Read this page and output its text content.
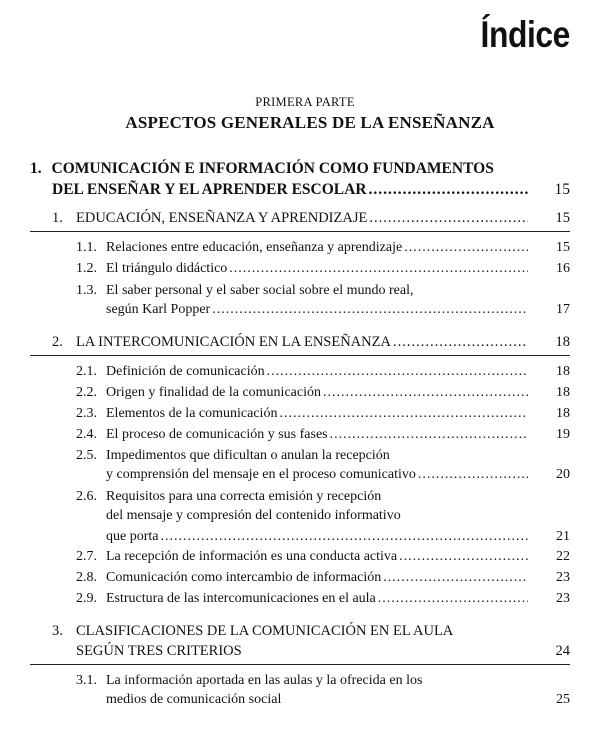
Índice
PRIMERA PARTE
ASPECTOS GENERALES DE LA ENSEÑANZA
1. COMUNICACIÓN E INFORMACIÓN COMO FUNDAMENTOS
DEL ENSEÑAR Y EL APRENDER ESCOLAR .....	15
1. EDUCACIÓN, ENSEÑANZA Y APRENDIZAJE .....	15
1.1. Relaciones entre educación, enseñanza y aprendizaje .....	15
1.2. El triángulo didáctico .....	16
1.3. El saber personal y el saber social sobre el mundo real,
según Karl Popper .....	17
2. LA INTERCOMUNICACIÓN EN LA ENSEÑANZA .....	18
2.1. Definición de comunicación .....	18
2.2. Origen y finalidad de la comunicación .....	18
2.3. Elementos de la comunicación .....	18
2.4. El proceso de comunicación y sus fases .....	19
2.5. Impedimentos que dificultan o anulan la recepción
y comprensión del mensaje en el proceso comunicativo .....	20
2.6. Requisitos para una correcta emisión y recepción
del mensaje y compresión del contenido informativo
que porta .....	21
2.7. La recepción de información es una conducta activa .....	22
2.8. Comunicación como intercambio de información .....	23
2.9. Estructura de las intercomunicaciones en el aula .....	23
3. CLASIFICACIONES DE LA COMUNICACIÓN EN EL AULA
SEGÚN TRES CRITERIOS	24
3.1. La información aportada en las aulas y la ofrecida en los
medios de comunicación social	25
